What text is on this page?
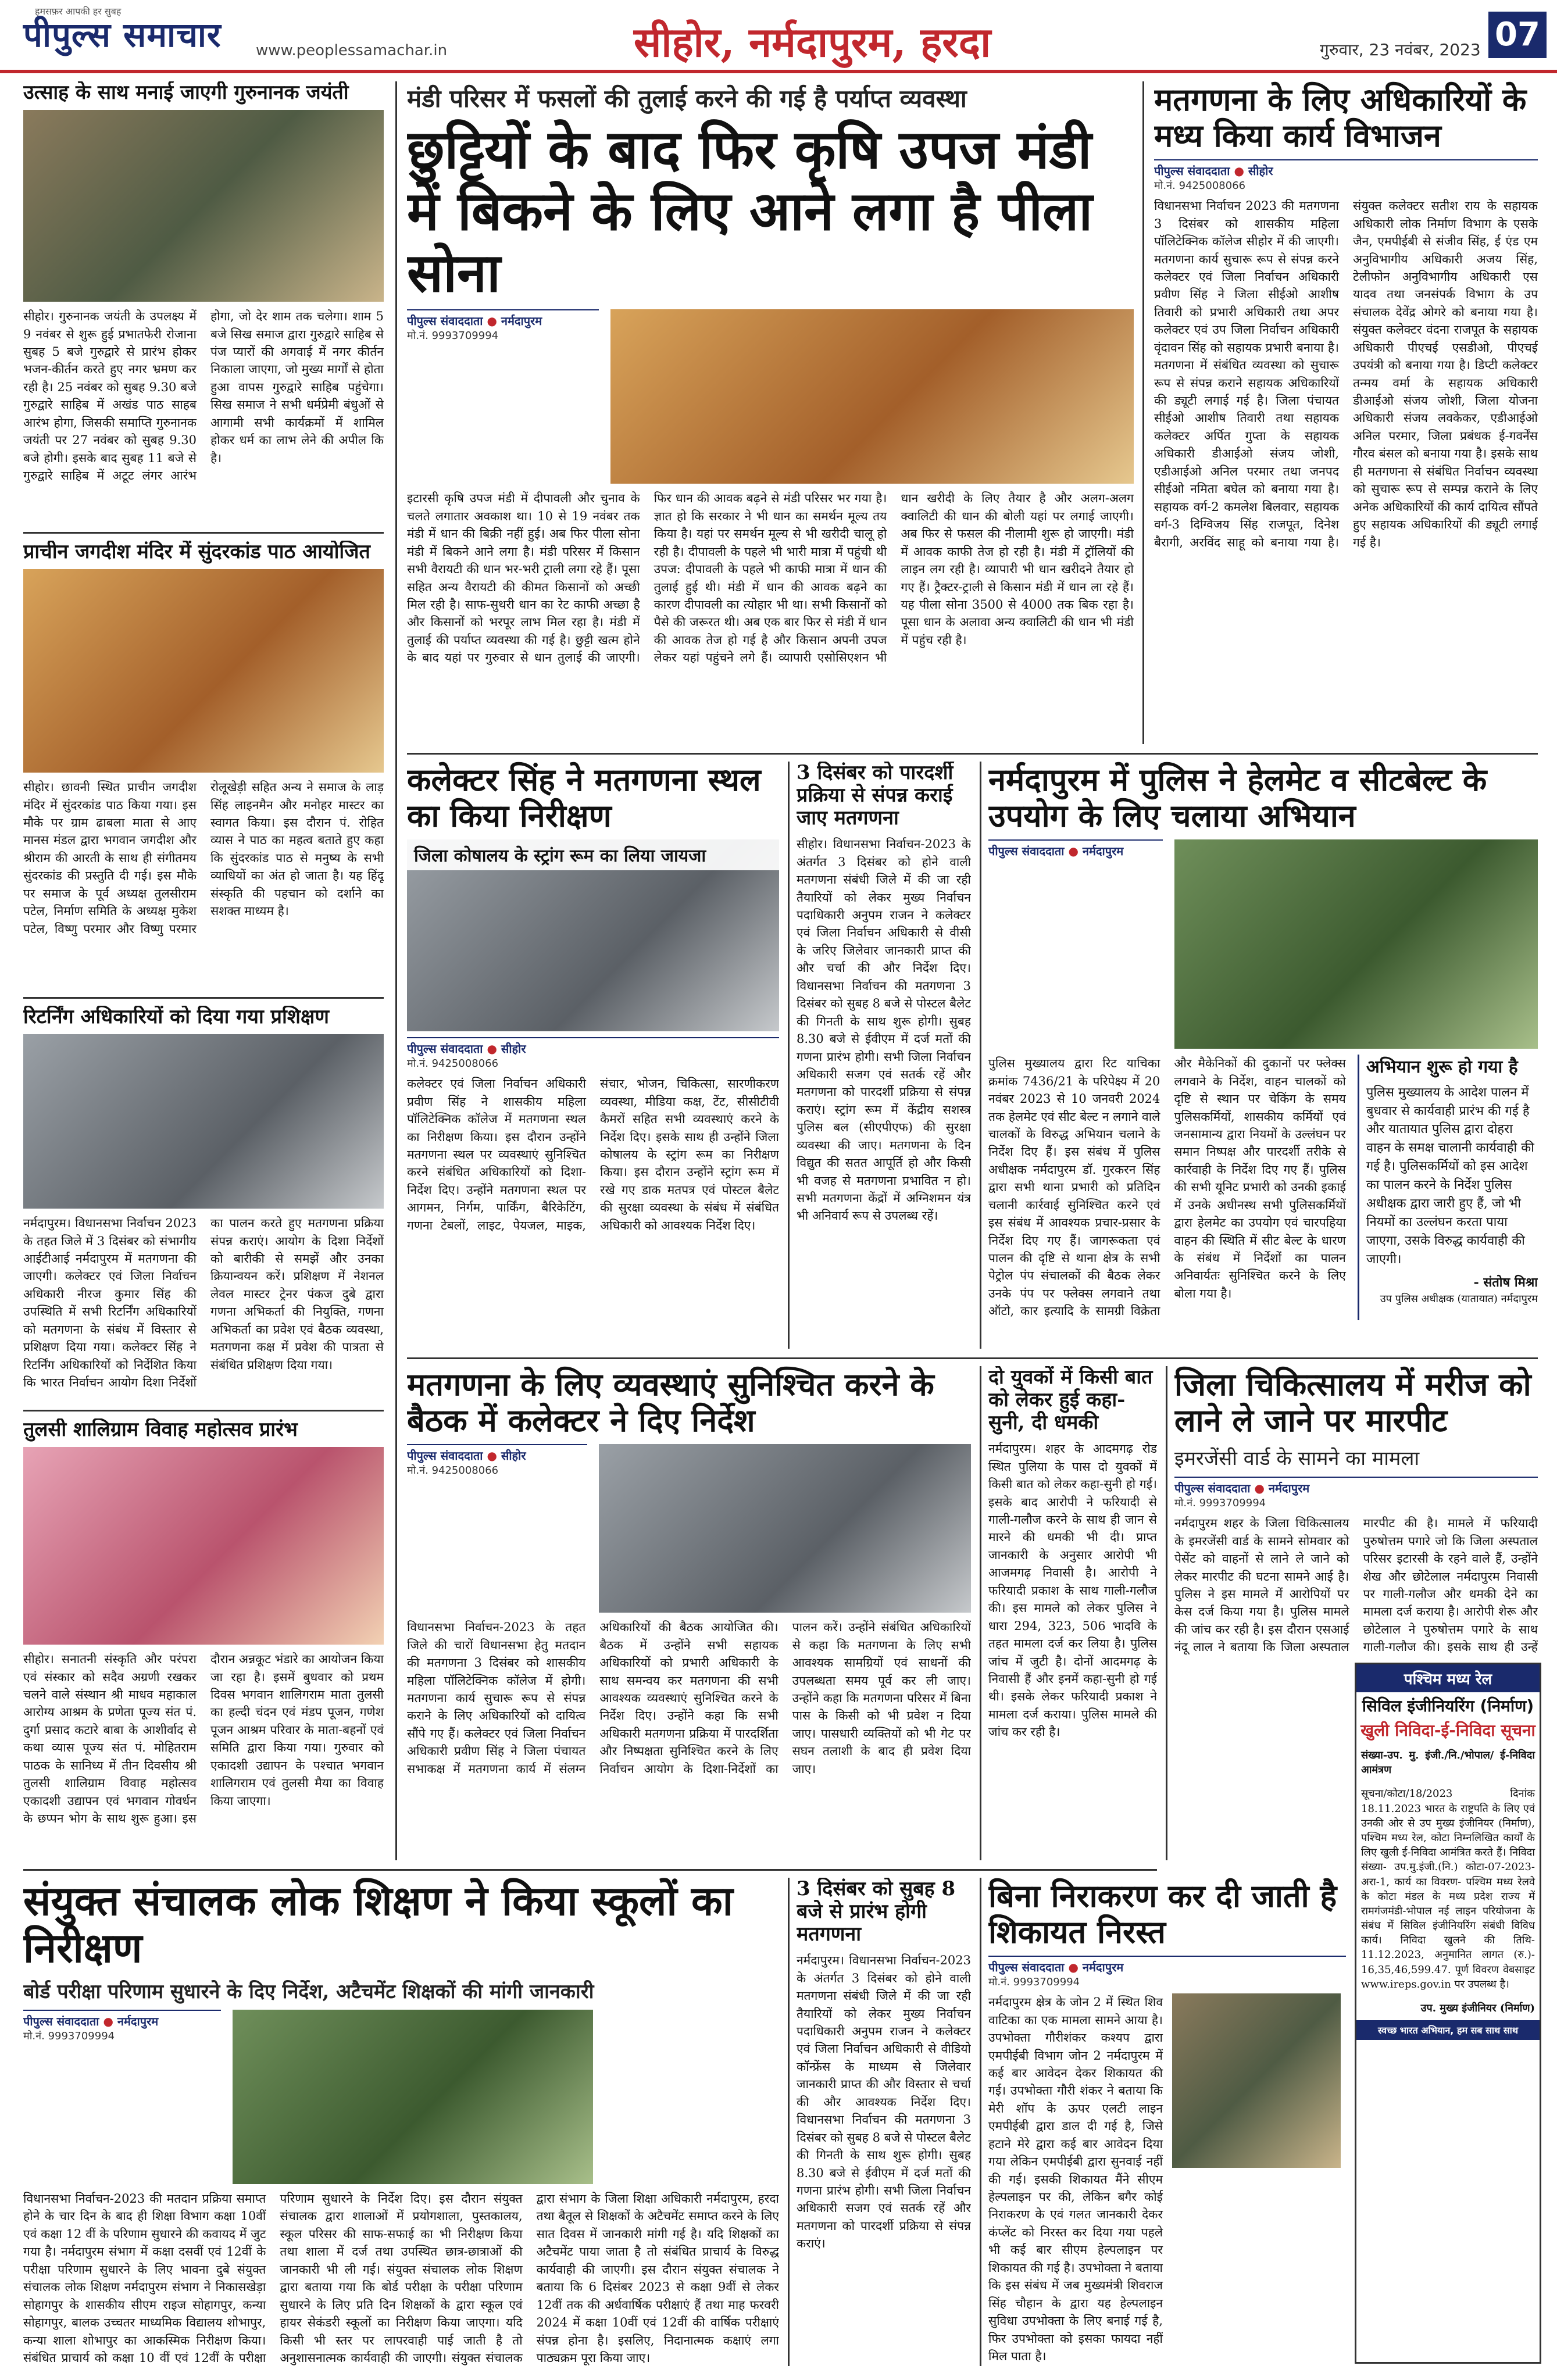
हमसफ़र आपकी हर सुबह
पीपुल्स समाचार www.peoplessamachar.in	सीहोर, नर्मदापुरम, हरदा	गुरुवार, 23 नवंबर, 2023 07
उत्साह के साथ मनाई जाएगी गुरुनानक जयंती
सीहोर। गुरुनानक जयंती के उपलक्ष्य में 9 नवंबर से शुरू हुई प्रभातफेरी रोजाना सुबह 5 बजे गुरुद्वारे से प्रारंभ होकर भजन-कीर्तन करते हुए नगर भ्रमण कर रही है। 25 नवंबर को सुबह 9.30 बजे गुरुद्वारे साहिब में अखंड पाठ साहब आरंभ होगा, जिसकी समाप्ति गुरुनानक जयंती पर 27 नवंबर को सुबह 9.30 बजे होगी। इसके बाद सुबह 11 बजे से गुरुद्वारे साहिब में अटूट लंगर आरंभ होगा, जो देर शाम तक चलेगा। शाम 5 बजे सिख समाज द्वारा गुरुद्वारे साहिब से पंज प्यारों की अगवाई में नगर कीर्तन निकाला जाएगा, जो मुख्य मार्गों से होता हुआ वापस गुरुद्वारे साहिब पहुंचेगा। सिख समाज ने सभी धर्मप्रेमी बंधुओं से आगामी सभी कार्यक्रमों में शामिल होकर धर्म का लाभ लेने की अपील कि है।
प्राचीन जगदीश मंदिर में सुंदरकांड पाठ आयोजित
सीहोर। छावनी स्थित प्राचीन जगदीश मंदिर में सुंदरकांड पाठ किया गया। इस मौके पर ग्राम ढाबला माता से आए मानस मंडल द्वारा भगवान जगदीश और श्रीराम की आरती के साथ ही संगीतमय सुंदरकांड की प्रस्तुति दी गई। इस मौके पर समाज के पूर्व अध्यक्ष तुलसीराम पटेल, निर्माण समिति के अध्यक्ष मुकेश पटेल, विष्णु परमार और विष्णु परमार रोलूखेड़ी सहित अन्य ने समाज के लाड़ सिंह लाइनमैन और मनोहर मास्टर का स्वागत किया। इस दौरान पं. रोहित व्यास ने पाठ का महत्व बताते हुए कहा कि सुंदरकांड पाठ से मनुष्य के सभी व्याधियों का अंत हो जाता है। यह हिंदू संस्कृति की पहचान को दर्शाने का सशक्त माध्यम है।
रिटर्निंग अधिकारियों को दिया गया प्रशिक्षण
नर्मदापुरम। विधानसभा निर्वाचन 2023 के तहत जिले में 3 दिसंबर को संभागीय आईटीआई नर्मदापुरम में मतगणना की जाएगी। कलेक्टर एवं जिला निर्वाचन अधिकारी नीरज कुमार सिंह की उपस्थिति में सभी रिटर्निंग अधिकारियों को मतगणना के संबंध में विस्तार से प्रशिक्षण दिया गया। कलेक्टर सिंह ने रिटर्निंग अधिकारियों को निर्देशित किया कि भारत निर्वाचन आयोग दिशा निर्देशों का पालन करते हुए मतगणना प्रक्रिया संपन्न कराएं। आयोग के दिशा निर्देशों को बारीकी से समझें और उनका क्रियान्वयन करें। प्रशिक्षण में नेशनल लेवल मास्टर ट्रेनर पंकज दुबे द्वारा गणना अभिकर्ता की नियुक्ति, गणना अभिकर्ता का प्रवेश एवं बैठक व्यवस्था, मतगणना कक्ष में प्रवेश की पात्रता से संबंधित प्रशिक्षण दिया गया।
तुलसी शालिग्राम विवाह महोत्सव प्रारंभ
सीहोर। सनातनी संस्कृति और परंपरा एवं संस्कार को सदैव अग्रणी रखकर चलने वाले संस्थान श्री माधव महाकाल आरोग्य आश्रम के प्रणेता पूज्य संत पं. दुर्गा प्रसाद कटारे बाबा के आशीर्वाद से कथा व्यास पूज्य संत पं. मोहितराम पाठक के सानिध्य में तीन दिवसीय श्री तुलसी शालिग्राम विवाह महोत्सव एकादशी उद्यापन एवं भगवान गोवर्धन के छप्पन भोग के साथ शुरू हुआ। इस दौरान अन्नकूट भंडारे का आयोजन किया जा रहा है। इसमें बुधवार को प्रथम दिवस भगवान शालिगराम माता तुलसी का हल्दी चंदन एवं मंडप पूजन, गणेश पूजन आश्रम परिवार के माता-बहनों एवं समिति द्वारा किया गया। गुरुवार को एकादशी उद्यापन के पश्चात भगवान शालिगराम एवं तुलसी मैया का विवाह किया जाएगा।
मंडी परिसर में फसलों की तुलाई करने की गई है पर्याप्त व्यवस्था
छुट्टियों के बाद फिर कृषि उपज मंडी में बिकने के लिए आने लगा है पीला सोना
पीपुल्स संवाददाता ● नर्मदापुरम
मो.नं. 9993709994
इटारसी कृषि उपज मंडी में दीपावली और चुनाव के चलते लगातार अवकाश था। 10 से 19 नवंबर तक मंडी में धान की बिक्री नहीं हुई। अब फिर पीला सोना मंडी में बिकने आने लगा है। मंडी परिसर में किसान सभी वैरायटी की धान भर-भरी ट्राली लगा रहे हैं। पूसा सहित अन्य वैरायटी की कीमत किसानों को अच्छी मिल रही है। साफ-सुथरी धान का रेट काफी अच्छा है और किसानों को भरपूर लाभ मिल रहा है। मंडी में तुलाई की पर्याप्त व्यवस्था की गई है। छुट्टी खत्म होने के बाद यहां पर गुरुवार से धान तुलाई की जाएगी। फिर धान की आवक बढ़ने से मंडी परिसर भर गया है। ज्ञात हो कि सरकार ने भी धान का समर्थन मूल्य तय किया है। यहां पर समर्थन मूल्य से भी खरीदी चालू हो रही है। दीपावली के पहले भी भारी मात्रा में पहुंची थी उपज: दीपावली के पहले भी काफी मात्रा में धान की तुलाई हुई थी। मंडी में धान की आवक बढ़ने का कारण दीपावली का त्योहार भी था। सभी किसानों को पैसे की जरूरत थी। अब एक बार फिर से मंडी में धान की आवक तेज हो गई है और किसान अपनी उपज लेकर यहां पहुंचने लगे हैं। व्यापारी एसोसिएशन भी धान खरीदी के लिए तैयार है और अलग-अलग क्वालिटी की धान की बोली यहां पर लगाई जाएगी। अब फिर से फसल की नीलामी शुरू हो जाएगी। मंडी में आवक काफी तेज हो रही है। मंडी में ट्रॉलियों की लाइन लग रही है। व्यापारी भी धान खरीदने तैयार हो गए हैं। ट्रैक्टर-ट्राली से किसान मंडी में धान ला रहे हैं। यह पीला सोना 3500 से 4000 तक बिक रहा है। पूसा धान के अलावा अन्य क्वालिटी की धान भी मंडी में पहुंच रही है।
मतगणना के लिए अधिकारियों के मध्य किया कार्य विभाजन
पीपुल्स संवाददाता ● सीहोर
मो.नं. 9425008066
विधानसभा निर्वाचन 2023 की मतगणना 3 दिसंबर को शासकीय महिला पॉलिटेक्निक कॉलेज सीहोर में की जाएगी। मतगणना कार्य सुचारू रूप से संपन्न करने कलेक्टर एवं जिला निर्वाचन अधिकारी प्रवीण सिंह ने जिला सीईओ आशीष तिवारी को प्रभारी अधिकारी तथा अपर कलेक्टर एवं उप जिला निर्वाचन अधिकारी वृंदावन सिंह को सहायक प्रभारी बनाया है। मतगणना में संबंधित व्यवस्था को सुचारू रूप से संपन्न कराने सहायक अधिकारियों की ड्यूटी लगाई गई है। जिला पंचायत सीईओ आशीष तिवारी तथा सहायक कलेक्टर अर्पित गुप्ता के सहायक अधिकारी डीआईओ संजय जोशी, एडीआईओ अनिल परमार तथा जनपद सीईओ नमिता बघेल को बनाया गया है। सहायक वर्ग-2 कमलेश बिलवार, सहायक वर्ग-3 दिग्विजय सिंह राजपूत, दिनेश बैरागी, अरविंद साहू को बनाया गया है। संयुक्त कलेक्टर सतीश राय के सहायक अधिकारी लोक निर्माण विभाग के एसके जैन, एमपीईबी से संजीव सिंह, ई एंड एम अनुविभागीय अधिकारी अजय सिंह, टेलीफोन अनुविभागीय अधिकारी एस यादव तथा जनसंपर्क विभाग के उप संचालक देवेंद्र ओगरे को बनाया गया है। संयुक्त कलेक्टर वंदना राजपूत के सहायक अधिकारी पीएचई एसडीओ, पीएचई उपयंत्री को बनाया गया है। डिप्टी कलेक्टर तन्मय वर्मा के सहायक अधिकारी डीआईओ संजय जोशी, जिला योजना अधिकारी संजय लवकेकर, एडीआईओ अनिल परमार, जिला प्रबंधक ई-गवर्नेंस गौरव बंसल को बनाया गया है। इसके साथ ही मतगणना से संबंधित निर्वाचन व्यवस्था को सुचारू रूप से सम्पन्न कराने के लिए अनेक अधिकारियों की कार्य दायित्व सौंपते हुए सहायक अधिकारियों की ड्यूटी लगाई गई है।
कलेक्टर सिंह ने मतगणना स्थल का किया निरीक्षण
जिला कोषालय के स्ट्रांग रूम का लिया जायजा
पीपुल्स संवाददाता ● सीहोर
मो.नं. 9425008066
कलेक्टर एवं जिला निर्वाचन अधिकारी प्रवीण सिंह ने शासकीय महिला पॉलिटेक्निक कॉलेज में मतगणना स्थल का निरीक्षण किया। इस दौरान उन्होंने मतगणना स्थल पर व्यवस्थाएं सुनिश्चित करने संबंधित अधिकारियों को दिशा-निर्देश दिए। उन्होंने मतगणना स्थल पर आगमन, निर्गम, पार्किंग, बैरिकेटिंग, गणना टेबलों, लाइट, पेयजल, माइक, संचार, भोजन, चिकित्सा, सारणीकरण व्यवस्था, मीडिया कक्ष, टेंट, सीसीटीवी कैमरों सहित सभी व्यवस्थाएं करने के निर्देश दिए। इसके साथ ही उन्होंने जिला कोषालय के स्ट्रांग रूम का निरीक्षण किया। इस दौरान उन्होंने स्ट्रांग रूम में रखे गए डाक मतपत्र एवं पोस्टल बैलेट की सुरक्षा व्यवस्था के संबंध में संबंधित अधिकारी को आवश्यक निर्देश दिए।
3 दिसंबर को पारदर्शी प्रक्रिया से संपन्न कराई जाए मतगणना
सीहोर। विधानसभा निर्वाचन-2023 के अंतर्गत 3 दिसंबर को होने वाली मतगणना संबंधी जिले में की जा रही तैयारियों को लेकर मुख्य निर्वाचन पदाधिकारी अनुपम राजन ने कलेक्टर एवं जिला निर्वाचन अधिकारी से वीसी के जरिए जिलेवार जानकारी प्राप्त की और चर्चा की और निर्देश दिए। विधानसभा निर्वाचन की मतगणना 3 दिसंबर को सुबह 8 बजे से पोस्टल बैलेट की गिनती के साथ शुरू होगी। सुबह 8.30 बजे से ईवीएम में दर्ज मतों की गणना प्रारंभ होगी। सभी जिला निर्वाचन अधिकारी सजग एवं सतर्क रहें और मतगणना को पारदर्शी प्रक्रिया से संपन्न कराएं। स्ट्रांग रूम में केंद्रीय सशस्त्र पुलिस बल (सीएपीएफ) की सुरक्षा व्यवस्था की जाए। मतगणना के दिन विद्युत की सतत आपूर्ति हो और किसी भी वजह से मतगणना प्रभावित न हो। सभी मतगणना केंद्रों में अग्निशमन यंत्र भी अनिवार्य रूप से उपलब्ध रहें।
नर्मदापुरम में पुलिस ने हेलमेट व सीटबेल्ट के उपयोग के लिए चलाया अभियान
पीपुल्स संवाददाता ● नर्मदापुरम
पुलिस मुख्यालय द्वारा रिट याचिका क्रमांक 7436/21 के परिपेक्ष्य में 20 नवंबर 2023 से 10 जनवरी 2024 तक हेलमेट एवं सीट बेल्ट न लगाने वाले चालकों के विरुद्ध अभियान चलाने के निर्देश दिए हैं। इस संबंध में पुलिस अधीक्षक नर्मदापुरम डॉ. गुरकरन सिंह द्वारा सभी थाना प्रभारी को प्रतिदिन चलानी कार्रवाई सुनिश्चित करने एवं इस संबंध में आवश्यक प्रचार-प्रसार के निर्देश दिए गए हैं। जागरूकता एवं पालन की दृष्टि से थाना क्षेत्र के सभी पेट्रोल पंप संचालकों की बैठक लेकर उनके पंप पर फ्लेक्स लगवाने तथा ऑटो, कार इत्यादि के सामग्री विक्रेता और मैकेनिकों की दुकानों पर फ्लेक्स लगवाने के निर्देश, वाहन चालकों को दृष्टि से स्थान पर चेकिंग के समय पुलिसकर्मियों, शासकीय कर्मियों एवं जनसामान्य द्वारा नियमों के उल्लंघन पर समान निष्पक्ष और पारदर्शी तरीके से कार्रवाही के निर्देश दिए गए हैं। पुलिस की सभी यूनिट प्रभारी को उनकी इकाई में उनके अधीनस्थ सभी पुलिसकर्मियों द्वारा हेलमेट का उपयोग एवं चारपहिया वाहन की स्थिति में सीट बेल्ट के धारण के संबंध में निर्देशों का पालन अनिवार्यतः सुनिश्चित करने के लिए बोला गया है।
अभियान शुरू हो गया है
पुलिस मुख्यालय के आदेश पालन में बुधवार से कार्यवाही प्रारंभ की गई है और यातायात पुलिस द्वारा दोहरा वाहन के समक्ष चालानी कार्यवाही की गई है। पुलिसकर्मियों को इस आदेश का पालन करने के निर्देश पुलिस अधीक्षक द्वारा जारी हुए हैं, जो भी नियमों का उल्लंघन करता पाया जाएगा, उसके विरुद्ध कार्यवाही की जाएगी।
- संतोष मिश्रा
उप पुलिस अधीक्षक (यातायात) नर्मदापुरम
मतगणना के लिए व्यवस्थाएं सुनिश्चित करने के बैठक में कलेक्टर ने दिए निर्देश
पीपुल्स संवाददाता ● सीहोर
मो.नं. 9425008066
विधानसभा निर्वाचन-2023 के तहत जिले की चारों विधानसभा हेतु मतदान की मतगणना 3 दिसंबर को शासकीय महिला पॉलिटेक्निक कॉलेज में होगी। मतगणना कार्य सुचारू रूप से संपन्न कराने के लिए अधिकारियों को दायित्व सौंपे गए हैं। कलेक्टर एवं जिला निर्वाचन अधिकारी प्रवीण सिंह ने जिला पंचायत सभाकक्ष में मतगणना कार्य में संलग्न अधिकारियों की बैठक आयोजित की। बैठक में उन्होंने सभी सहायक अधिकारियों को प्रभारी अधिकारी के साथ समन्वय कर मतगणना की सभी आवश्यक व्यवस्थाएं सुनिश्चित करने के निर्देश दिए। उन्होंने कहा कि सभी अधिकारी मतगणना प्रक्रिया में पारदर्शिता और निष्पक्षता सुनिश्चित करने के लिए निर्वाचन आयोग के दिशा-निर्देशों का पालन करें। उन्होंने संबंधित अधिकारियों से कहा कि मतगणना के लिए सभी आवश्यक सामग्रियों एवं साधनों की उपलब्धता समय पूर्व कर ली जाए। उन्होंने कहा कि मतगणना परिसर में बिना पास के किसी को भी प्रवेश न दिया जाए। पासधारी व्यक्तियों को भी गेट पर सघन तलाशी के बाद ही प्रवेश दिया जाए।
दो युवकों में किसी बात को लेकर हुई कहा-सुनी, दी धमकी
नर्मदापुरम। शहर के आदमगढ़ रोड स्थित पुलिया के पास दो युवकों में किसी बात को लेकर कहा-सुनी हो गई। इसके बाद आरोपी ने फरियादी से गाली-गलौज करने के साथ ही जान से मारने की धमकी भी दी। प्राप्त जानकारी के अनुसार आरोपी भी आजमगढ़ निवासी है। आरोपी ने फरियादी प्रकाश के साथ गाली-गलौज की। इस मामले को लेकर पुलिस ने धारा 294, 323, 506 भादवि के तहत मामला दर्ज कर लिया है। पुलिस जांच में जुटी है। दोनों आदमगढ़ के निवासी हैं और इनमें कहा-सुनी हो गई थी। इसके लेकर फरियादी प्रकाश ने मामला दर्ज कराया। पुलिस मामले की जांच कर रही है।
जिला चिकित्सालय में मरीज को लाने ले जाने पर मारपीट
इमरजेंसी वार्ड के सामने का मामला
पीपुल्स संवाददाता ● नर्मदापुरम
मो.नं. 9993709994
नर्मदापुरम शहर के जिला चिकित्सालय के इमरजेंसी वार्ड के सामने सोमवार को पेसेंट को वाहनों से लाने ले जाने को लेकर मारपीट की घटना सामने आई है। पुलिस ने इस मामले में आरोपियों पर केस दर्ज किया गया है। पुलिस मामले की जांच कर रही है। इस दौरान एसआई नंदू लाल ने बताया कि जिला अस्पताल मारपीट की है। मामले में फरियादी पुरुषोत्तम पगारे जो कि जिला अस्पताल परिसर इटारसी के रहने वाले हैं, उन्होंने शेख और छोटेलाल नर्मदापुरम निवासी पर गाली-गलौज और धमकी देने का मामला दर्ज कराया है। आरोपी शेरू और छोटेलाल ने पुरुषोत्तम पगारे के साथ गाली-गलौज की। इसके साथ ही उन्हें
पश्चिम मध्य रेल
सिविल इंजीनियरिंग (निर्माण)
खुली निविदा-ई-निविदा सूचना
संख्या-उप. मु. इंजी./नि./भोपाल/ ई-निविदा आमंत्रण
सूचना/कोटा/18/2023 दिनांक 18.11.2023 भारत के राष्ट्रपति के लिए एवं उनकी ओर से उप मुख्य इंजीनियर (निर्माण), पश्चिम मध्य रेल, कोटा निम्नलिखित कार्यों के लिए खुली ई-निविदा आमंत्रित करते हैं। निविदा संख्या- उप.मु.इंजी.(नि.) कोटा-07-2023-अरा-1, कार्य का विवरण- पश्चिम मध्य रेलवे के कोटा मंडल के मध्य प्रदेश राज्य में रामगंजमंडी-भोपाल नई लाइन परियोजना के संबंध में सिविल इंजीनियरिंग संबंधी विविध कार्य। निविदा खुलने की तिथि- 11.12.2023, अनुमानित लागत (रु.)- 16,35,46,599.47. पूर्ण विवरण वेबसाइट www.ireps.gov.in पर उपलब्ध है।
उप. मुख्य इंजीनियर (निर्माण)
स्वच्छ भारत अभियान, हम सब साथ साथ
संयुक्त संचालक लोक शिक्षण ने किया स्कूलों का निरीक्षण
बोर्ड परीक्षा परिणाम सुधारने के दिए निर्देश, अटैचमेंट शिक्षकों की मांगी जानकारी
पीपुल्स संवाददाता ● नर्मदापुरम
मो.नं. 9993709994
विधानसभा निर्वाचन-2023 की मतदान प्रक्रिया समाप्त होने के चार दिन के बाद ही शिक्षा विभाग कक्षा 10वीं एवं कक्षा 12 वीं के परिणाम सुधारने की कवायद में जुट गया है। नर्मदापुरम संभाग में कक्षा दसवीं एवं 12वीं के परीक्षा परिणाम सुधारने के लिए भावना दुबे संयुक्त संचालक लोक शिक्षण नर्मदापुरम संभाग ने निकासखेड़ा सोहागपुर के शासकीय सीएम राइज सोहागपुर, कन्या सोहागपुर, बालक उच्चतर माध्यमिक विद्यालय शोभापुर, कन्या शाला शोभापुर का आकस्मिक निरीक्षण किया। संबंधित प्राचार्य को कक्षा 10 वीं एवं 12वीं के परीक्षा परिणाम सुधारने के निर्देश दिए। इस दौरान संयुक्त संचालक द्वारा शालाओं में प्रयोगशाला, पुस्तकालय, स्कूल परिसर की साफ-सफाई का भी निरीक्षण किया तथा शाला में दर्ज तथा उपस्थित छात्र-छात्राओं की जानकारी भी ली गई। संयुक्त संचालक लोक शिक्षण द्वारा बताया गया कि बोर्ड परीक्षा के परीक्षा परिणाम सुधारने के लिए प्रति दिन शिक्षकों के द्वारा स्कूल एवं हायर सेकंडरी स्कूलों का निरीक्षण किया जाएगा। यदि किसी भी स्तर पर लापरवाही पाई जाती है तो अनुशासनात्मक कार्यवाही की जाएगी। संयुक्त संचालक द्वारा संभाग के जिला शिक्षा अधिकारी नर्मदापुरम, हरदा तथा बैतूल से शिक्षकों के अटैचमेंट समाप्त करने के लिए सात दिवस में जानकारी मांगी गई है। यदि शिक्षकों का अटैचमेंट पाया जाता है तो संबंधित प्राचार्य के विरुद्ध कार्यवाही की जाएगी। इस दौरान संयुक्त संचालक ने बताया कि 6 दिसंबर 2023 से कक्षा 9वीं से लेकर 12वीं तक की अर्धवार्षिक परीक्षाएं हैं तथा माह फरवरी 2024 में कक्षा 10वीं एवं 12वीं की वार्षिक परीक्षाएं संपन्न होना है। इसलिए, निदानात्मक कक्षाएं लगा पाठ्यक्रम पूरा किया जाए।
3 दिसंबर को सुबह 8 बजे से प्रारंभ होगी मतगणना
नर्मदापुरम। विधानसभा निर्वाचन-2023 के अंतर्गत 3 दिसंबर को होने वाली मतगणना संबंधी जिले में की जा रही तैयारियों को लेकर मुख्य निर्वाचन पदाधिकारी अनुपम राजन ने कलेक्टर एवं जिला निर्वाचन अधिकारी से वीडियो कॉन्फ्रेंस के माध्यम से जिलेवार जानकारी प्राप्त की और विस्तार से चर्चा की और आवश्यक निर्देश दिए। विधानसभा निर्वाचन की मतगणना 3 दिसंबर को सुबह 8 बजे से पोस्टल बैलेट की गिनती के साथ शुरू होगी। सुबह 8.30 बजे से ईवीएम में दर्ज मतों की गणना प्रारंभ होगी। सभी जिला निर्वाचन अधिकारी सजग एवं सतर्क रहें और मतगणना को पारदर्शी प्रक्रिया से संपन्न कराएं।
बिना निराकरण कर दी जाती है शिकायत निरस्त
पीपुल्स संवाददाता ● नर्मदापुरम
मो.नं. 9993709994
नर्मदापुरम क्षेत्र के जोन 2 में स्थित शिव वाटिका का एक मामला सामने आया है। उपभोक्ता गौरीशंकर कश्यप द्वारा एमपीईबी विभाग जोन 2 नर्मदापुरम में कई बार आवेदन देकर शिकायत की गई। उपभोक्ता गौरी शंकर ने बताया कि मेरी शॉप के ऊपर एलटी लाइन एमपीईबी द्वारा डाल दी गई है, जिसे हटाने मेरे द्वारा कई बार आवेदन दिया गया लेकिन एमपीईबी द्वारा सुनवाई नहीं की गई। इसकी शिकायत मैंने सीएम हेल्पलाइन पर की, लेकिन बगैर कोई निराकरण के एवं गलत जानकारी देकर कंप्लेंट को निरस्त कर दिया गया पहले भी कई बार सीएम हेल्पलाइन पर शिकायत की गई है। उपभोक्ता ने बताया कि इस संबंध में जब मुख्यमंत्री शिवराज सिंह चौहान के द्वारा यह हेल्पलाइन सुविधा उपभोक्ता के लिए बनाई गई है, फिर उपभोक्ता को इसका फायदा नहीं मिल पाता है।
